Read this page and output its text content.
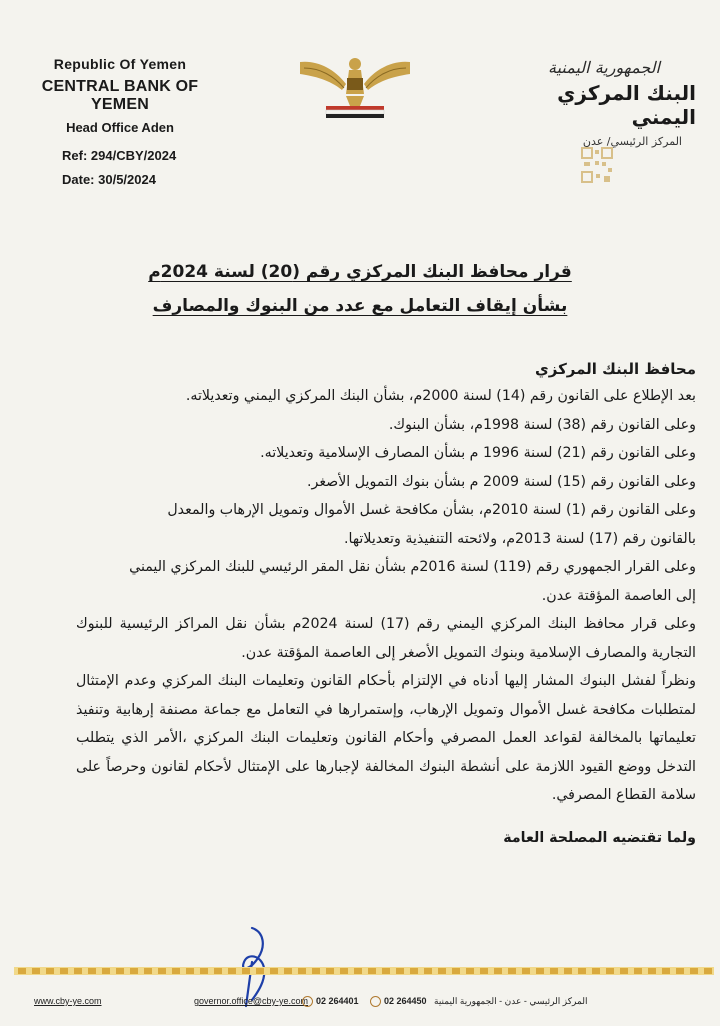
Republic Of Yemen
CENTRAL BANK OF YEMEN
Head Office Aden
Ref: 294/CBY/2024
Date: 30/5/2024
الجمهورية اليمنية
البنك المركزي اليمني
المركز الرئيسي/ عدن
قرار محافظ البنك المركزي رقم (20) لسنة 2024م
بشأن إيقاف التعامل مع عدد من البنوك والمصارف
محافظ البنك المركزي

بعد الإطلاع على القانون رقم (14) لسنة 2000م، بشأن البنك المركزي اليمني وتعديلاته.

وعلى القانون رقم (38) لسنة 1998م، بشأن البنوك.

وعلى القانون رقم (21) لسنة 1996 م بشأن المصارف الإسلامية وتعديلاته.

وعلى القانون رقم (15) لسنة 2009 م بشأن بنوك التمويل الأصغر.

وعلى القانون رقم (1) لسنة 2010م، بشأن مكافحة غسل الأموال وتمويل الإرهاب والمعدل

بالقانون رقم (17) لسنة 2013م، ولائحته التنفيذية وتعديلاتها.

وعلى القرار الجمهوري رقم (119) لسنة 2016م بشأن نقل المقر الرئيسي للبنك المركزي اليمني

إلى العاصمة المؤقتة عدن.

وعلى قرار محافظ البنك المركزي اليمني رقم (17) لسنة 2024م بشأن نقل المراكز الرئيسية للبنوك التجارية والمصارف الإسلامية وبنوك التمويل الأصغر إلى العاصمة المؤقتة عدن.

ونظراً لفشل البنوك المشار إليها أدناه في الإلتزام بأحكام القانون وتعليمات البنك المركزي وعدم الإمتثال لمتطلبات مكافحة غسل الأموال وتمويل الإرهاب، وإستمرارها في التعامل مع جماعة مصنفة إرهابية وتنفيذ تعليماتها بالمخالفة لقواعد العمل المصرفي وأحكام القانون وتعليمات البنك المركزي ،الأمر الذي يتطلب التدخل ووضع القيود اللازمة على أنشطة البنوك المخالفة لإجبارها على الإمتثال لأحكام لقانون وحرصاً على سلامة القطاع المصرفي.

ولما تقتضيه المصلحة العامة

www.cby-ye.com	governor.office@cby-ye.com 02 264401	02 264450 المركز الرئيسي - عدن - الجمهورية اليمنية
